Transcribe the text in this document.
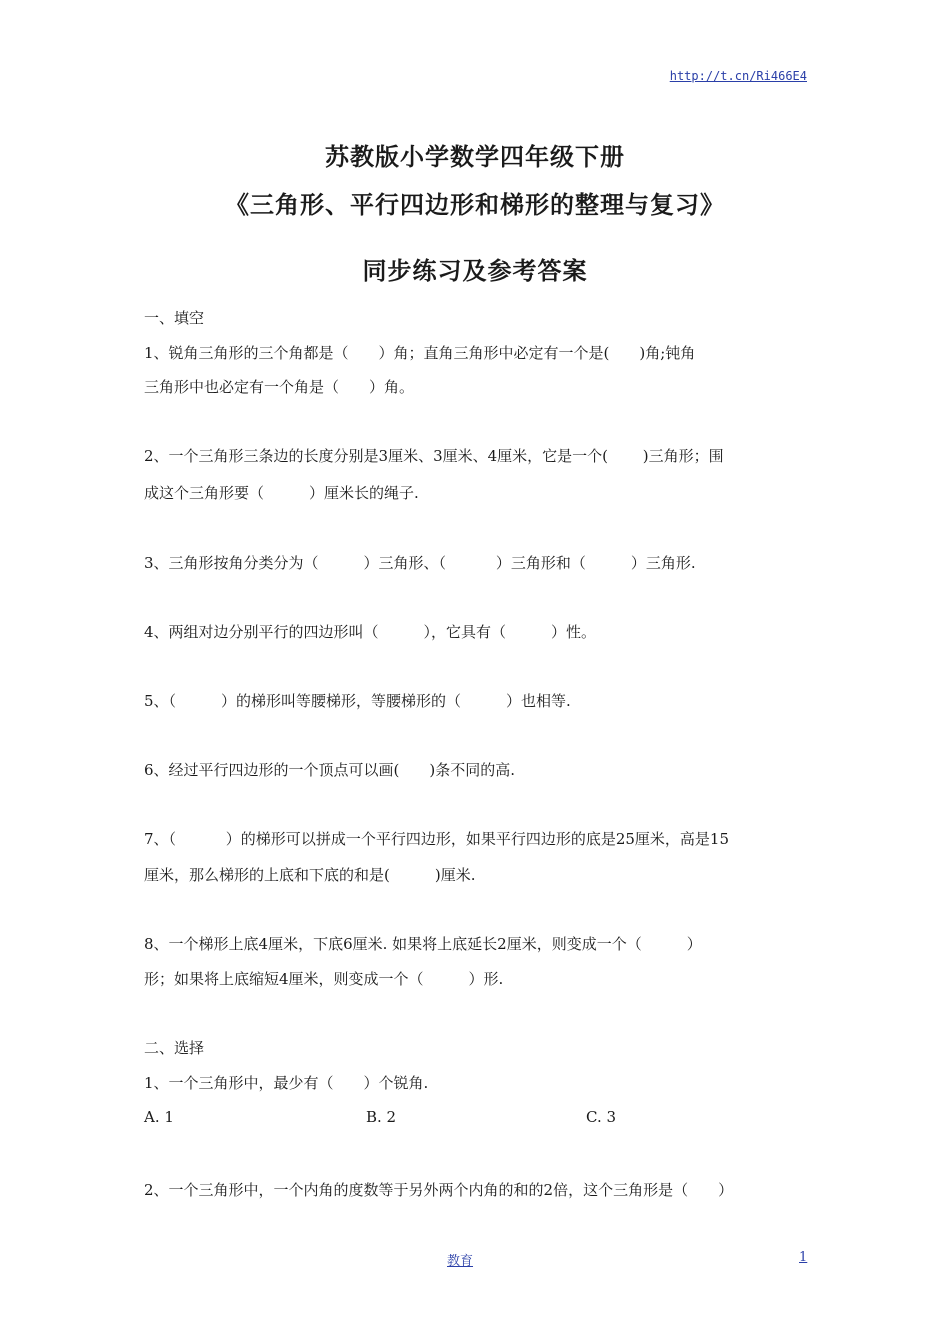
http://t.cn/Ri466E4
苏教版小学数学四年级下册
《三角形、平行四边形和梯形的整理与复习》
同步练习及参考答案
一、填空
1、锐角三角形的三个角都是（　　）角；直角三角形中必定有一个是(　　)角;钝角
三角形中也必定有一个角是（　　）角。
2、一个三角形三条边的长度分别是3厘米、3厘米、4厘米，它是一个(　　 )三角形；围
成这个三角形要（　　　）厘米长的绳子.
3、三角形按角分类分为（　　　）三角形、（　　　 ）三角形和（　　　）三角形.
4、两组对边分别平行的四边形叫（　　　），它具有（　　　）性。
5、（　　　）的梯形叫等腰梯形，等腰梯形的（　　　）也相等.
6、经过平行四边形的一个顶点可以画(　　)条不同的高.
7、（　　　 ）的梯形可以拼成一个平行四边形，如果平行四边形的底是25厘米，高是15
厘米，那么梯形的上底和下底的和是(　　　)厘米.
8、一个梯形上底4厘米，下底6厘米. 如果将上底延长2厘米，则变成一个（　　　）
形；如果将上底缩短4厘米，则变成一个（　　　）形.
二、选择
1、一个三角形中，最少有（　　）个锐角.
A. 1	B. 2	C. 3
2、一个三角形中，一个内角的度数等于另外两个内角的和的2倍，这个三角形是（　　）
教育	1
